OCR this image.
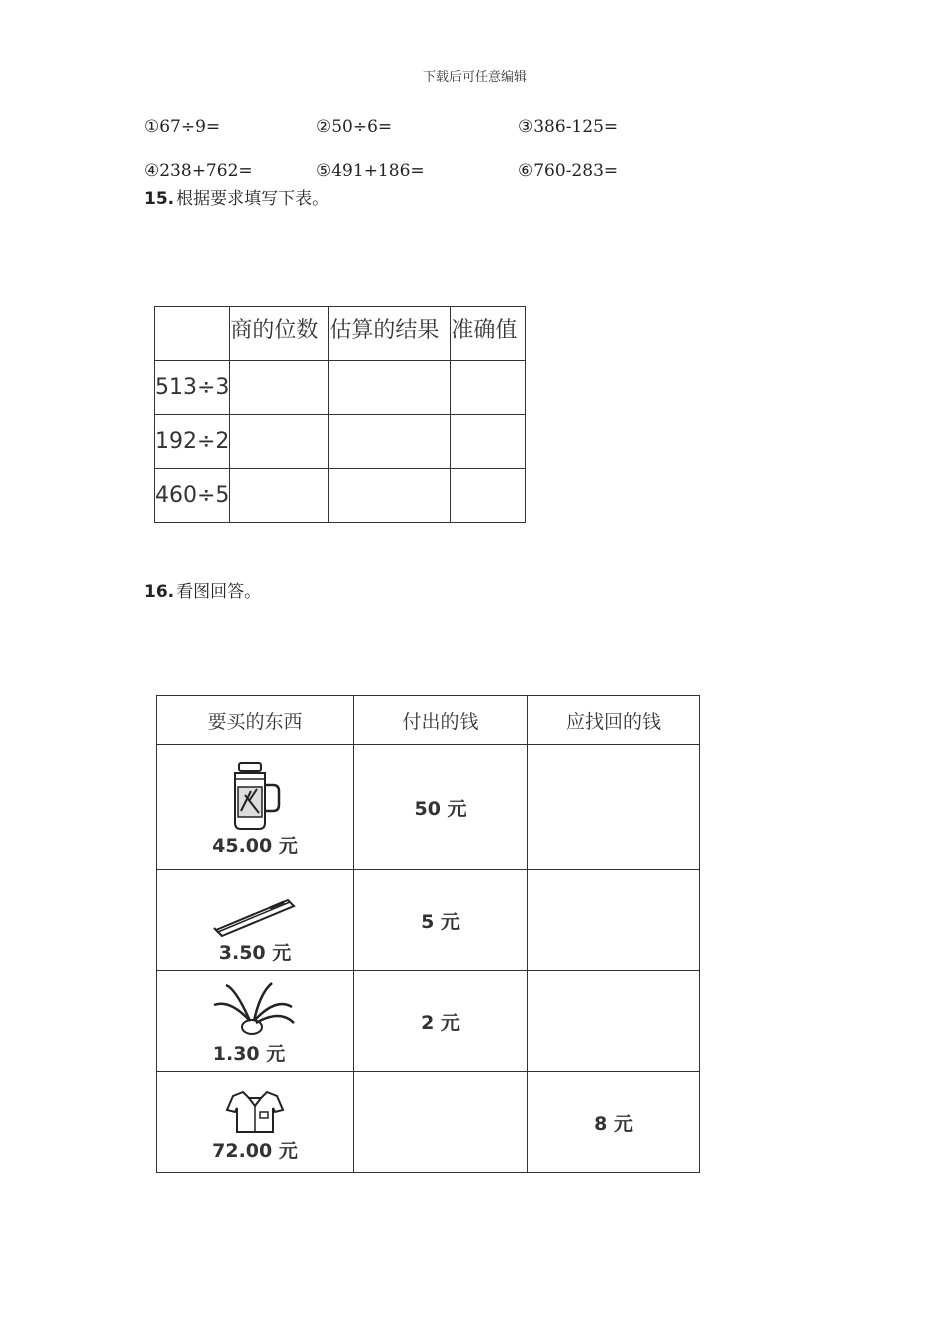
下载后可任意编辑
①67÷9=	②50÷6=	③386-125=
④238+762=	⑤491+186=	⑥760-283=
15. 根据要求填写下表。
	商的位数	估算的结果	准确值
513÷3			
192÷2			
460÷5			
16. 看图回答。
要买的东西	付出的钱	应找回的钱

45.00 元	50 元	

3.50 元	5 元	

1.30 元	2 元	

72.00 元		8 元
